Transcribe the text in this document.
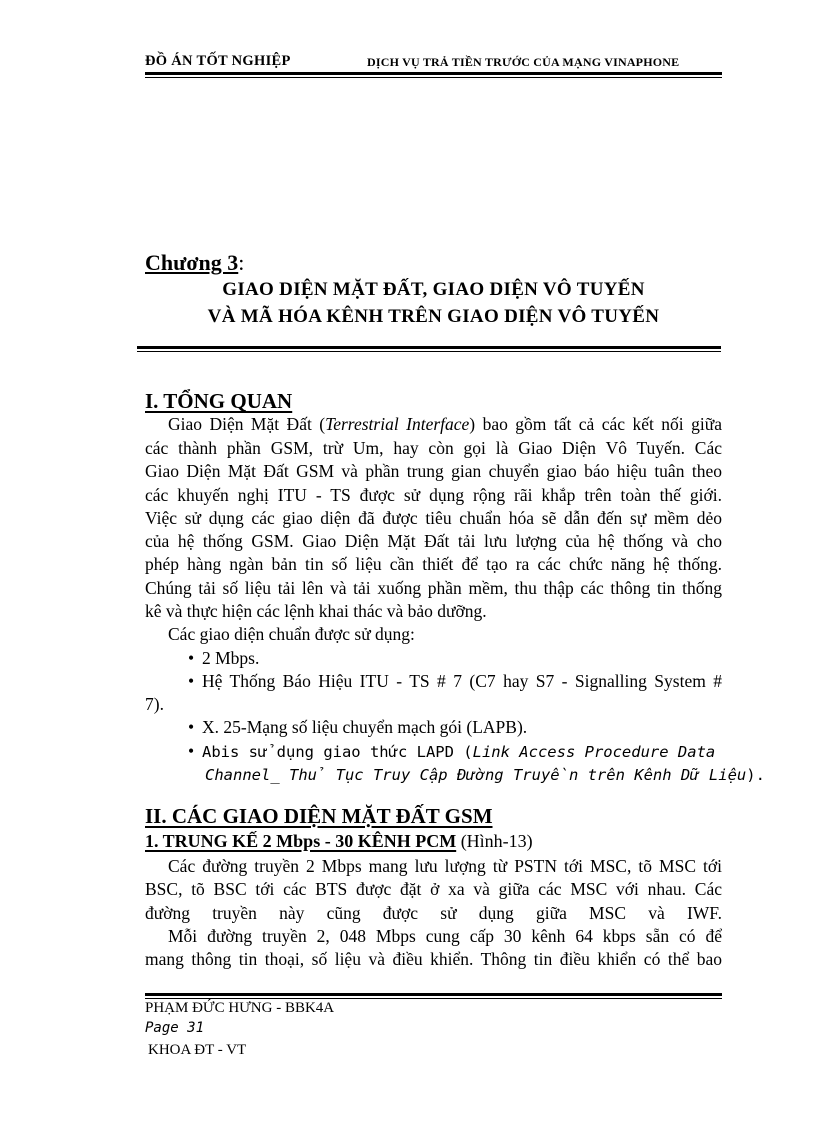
ĐỒ ÁN TỐT NGHIỆP	DỊCH VỤ TRẢ TIỀN TRƯỚC CỦA MẠNG VINAPHONE
Chương 3:
GIAO DIỆN MẶT ĐẤT, GIAO DIỆN VÔ TUYẾN
VÀ MÃ HÓA KÊNH TRÊN GIAO DIỆN VÔ TUYẾN
I. TỔNG QUAN
Giao Diện Mặt Đất (Terrestrial Interface) bao gồm tất cả các kết nối giữa
các thành phần GSM, trừ Um, hay còn gọi là Giao Diện Vô Tuyến. Các
Giao Diện Mặt Đất GSM và phần trung gian chuyển giao báo hiệu tuân theo
các khuyến nghị ITU - TS được sử dụng rộng rãi khắp trên toàn thế giới.
Việc sử dụng các giao diện đã được tiêu chuẩn hóa sẽ dẫn đến sự mềm dẻo
của hệ thống GSM. Giao Diện Mặt Đất tải lưu lượng của hệ thống và cho
phép hàng ngàn bản tin số liệu cần thiết để tạo ra các chức năng hệ thống.
Chúng tải số liệu tải lên và tải xuống phần mềm, thu thập các thông tin thống
kê và thực hiện các lệnh khai thác và bảo dưỡng.
Các giao diện chuẩn được sử dụng:
• 2 Mbps.
• Hệ Thống Báo Hiệu ITU - TS # 7 (C7 hay S7 - Signalling System #
7).
• X. 25-Mạng số liệu chuyển mạch gói (LAPB).
• Abis sử dụng giao thức LAPD (Link Access Procedure Data
Channel_ Thủ Tục Truy Cập Đường Truyền trên Kênh Dữ Liệu).
II. CÁC GIAO DIỆN MẶT ĐẤT GSM
1. TRUNG KẾ 2 Mbps - 30 KÊNH PCM (Hình-13)
Các đường truyền 2 Mbps mang lưu lượng từ PSTN tới MSC, tõ MSC tới
BSC, tõ BSC tới các BTS được đặt ở xa và giữa các MSC với nhau. Các
đường truyền này cũng được sử dụng giữa MSC và IWF.
Mỗi đường truyền 2, 048 Mbps cung cấp 30 kênh 64 kbps sẵn có để
mang thông tin thoại, số liệu và điều khiển. Thông tin điều khiển có thể bao
PHẠM ĐỨC HƯNG - BBK4A
Page 31
KHOA ĐT - VT
